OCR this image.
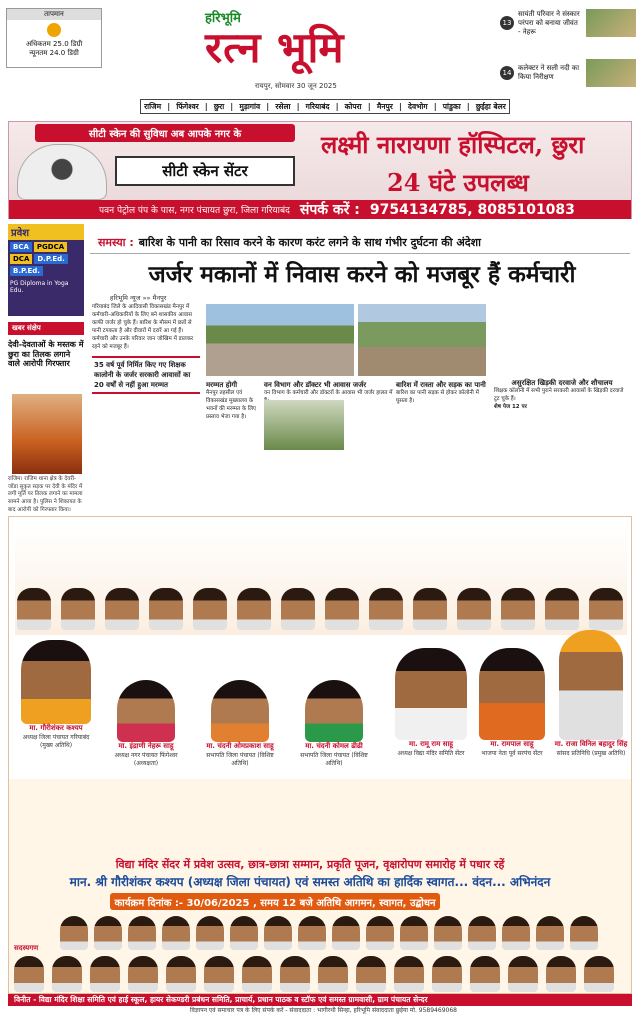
तापमान
अधिकतम 25.0 डिग्री
न्यूनतम 24.0 डिग्री
हरिभूमि
रत्न भूमि
रायपुर, सोमवार 30 जून 2025
13
सायंती परिवार ने संस्कार परंपरा को बनाया जीवंत - नेहरू
14
कलेक्टर ने सली नदी का किया निरीक्षण
राजिम | फिंगेश्वर | छुरा | मुड़ागांव | रसेला | गरियाबंद | कोपरा | मैनपुर | देवभोग | पांडुका | छुईहा बेलर
सीटी स्केन की सुविधा अब आपके नगर के
सीटी स्केन सेंटर
लक्ष्मी नारायणा हॉस्पिटल, छुरा
24 घंटे उपलब्ध
पवन पेट्रोल पंप के पास, नगर पंचायत छुरा, जिला गरियाबंद संपर्क करें : 9754134785, 8085101083
प्रवेश
BCA	PGDCA
DCA	D.P.Ed.
B.P.Ed.
PG Diploma in Yoga Edu.
खबर संक्षेप
देवी-देवताओं के मस्तक में छुरा का तिलक लगाने वाले आरोपी गिरफ्तार
राजिम। राजिम थाना क्षेत्र के देवरी-जोंडा सुकृत सड़क पर देवी के मंदिर में लगी मूर्ति पर तिलक लगाने का मामला सामने आया है। पुलिस ने शिकायत के बाद आरोपी को गिरफ्तार किया।
समस्या : बारिश के पानी का रिसाव करने के कारण करंट लगने के साथ गंभीर दुर्घटना की अंदेशा
जर्जर मकानों में निवास करने को मजबूर हैं कर्मचारी
हरिभूमि न्यूज »» मैनपुर
गरियाबंद जिले के आदिवासी विकासखंड मैनपुर में कर्मचारी-अधिकारियों के लिए बने शासकीय आवास काफी जर्जर हो चुके हैं। बारिश के मौसम में छतों से पानी टपकता है और दीवारों में दरारें आ गई हैं। कर्मचारी और उनके परिवार जान जोखिम में डालकर रहने को मजबूर हैं।
35 वर्ष पूर्व निर्मित किए गए शिक्षक कालोनी के जर्जर सरकारी आवासों का 20 वर्षों से नहीं हुआ मरम्मत	मरम्मत होगी
मैनपुर तहसील एवं विकासखंड मुख्यालय के भवनों की मरम्मत के लिए प्रस्ताव भेजा गया है।
वन विभाग और डॉक्टर भी आवास जर्जर
वन विभाग के कर्मचारी और डॉक्टरों के आवास भी जर्जर हालत में
बारिश में रास्ता और सड़क का पानी
बारिश का पानी सड़क से होकर कॉलोनी में घुसता है।
असुरक्षित खिड़की दरवाजे और शौचालय
शिक्षक कॉलोनी में सभी पुराने सरकारी आवासों के खिड़की दरवाजे टूट चुके हैं।
शेष पेज 12 पर
मा. गौरीशंकर कश्यप
अध्यक्ष जिला पंचायत गरियाबंद (मुख्य अतिथि)	मा. इंद्राणी नेहरू साहू
अध्यक्ष नगर पंचायत फिंगेश्वर (अध्यक्षता)
मा. चंदनी ओमप्रकाश साहू
सभापति जिला पंचायत (विशिष्ट अतिथि)
मा. चंदनी कोमल ढीढी
सभापति जिला पंचायत (विशिष्ट अतिथि)
मा. रामू राम साहू
अध्यक्ष विद्या मंदिर समिति सेंटर
मा. रामपाल साहू
भाजपा नेता पूर्व सरपंच सेंटर
मा. राजा विनिल बहादुर सिंह
सांसद प्रतिनिधि (प्रमुख अतिथि)
विद्या मंदिर सेंदर में प्रवेश उत्सव, छात्र-छात्रा सम्मान, प्रकृति पूजन, वृक्षारोपण समारोह में पधार रहें
मान. श्री गौरीशंकर कश्यप (अध्यक्ष जिला पंचायत) एवं समस्त अतिथि का हार्दिक स्वागत... वंदन... अभिनंदन
कार्यक्रम दिनांक :- 30/06/2025 , समय 12 बजे अतिथि आगमन, स्वागत, उद्बोधन
सदस्यगण
विनीत - विद्या मंदिर शिक्षा समिति एवं हाई स्कूल, हायर सेकण्डरी प्रबंधन समिति, प्राचार्य, प्रधान पाठक व स्टॉफ एवं समस्त ग्रामवासी, ग्राम पंचायत सेन्दर
विज्ञापन एवं समाचार पत्र के लिए संपर्क करें - संवाददाता : भागीरथी सिन्हा, हरिभूमि संवाददाता छुईया मो. 9589469068
